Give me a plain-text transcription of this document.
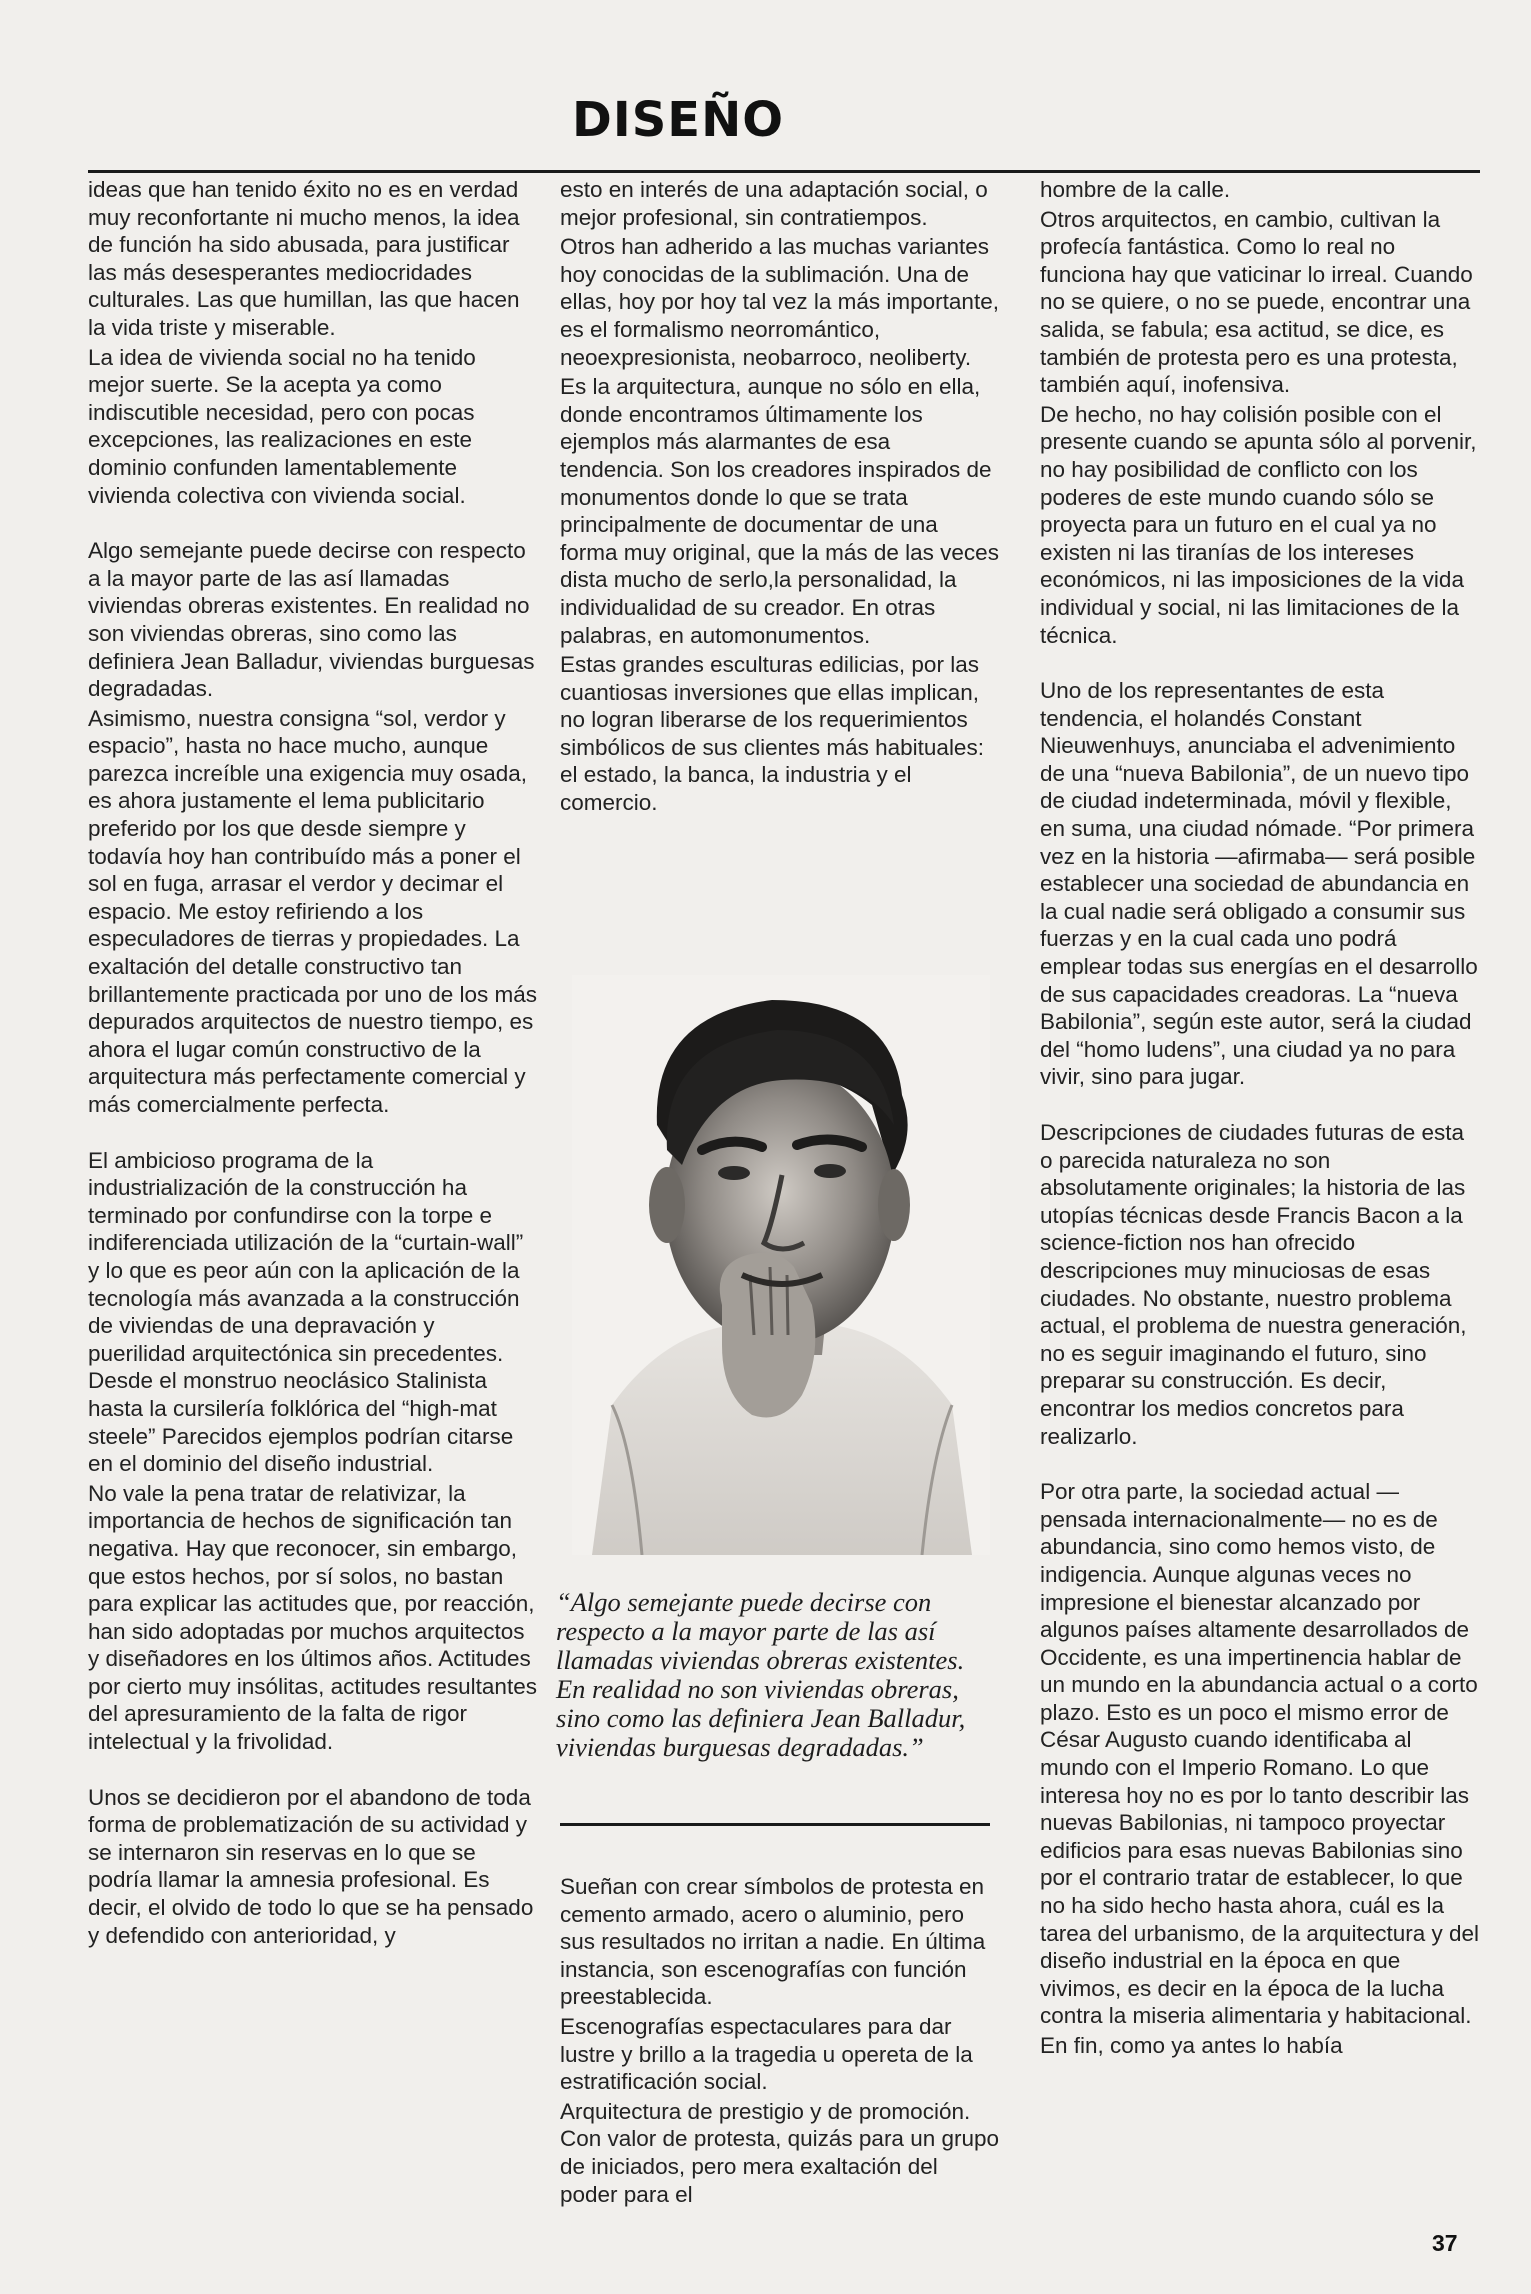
DISEÑO

ideas que han tenido éxito no es en verdad muy reconfortante ni mucho menos, la idea de función ha sido abusada, para justificar las más desesperantes mediocridades culturales. Las que humillan, las que hacen la vida triste y miserable.

La idea de vivienda social no ha tenido mejor suerte. Se la acepta ya como indiscutible necesidad, pero con pocas excepciones, las realizaciones en este dominio confunden lamentablemente vivienda colectiva con vivienda social.

Algo semejante puede decirse con respecto a la mayor parte de las así llamadas viviendas obreras existentes. En realidad no son viviendas obreras, sino como las definiera Jean Balladur, viviendas burguesas degradadas.

Asimismo, nuestra consigna “sol, verdor y espacio”, hasta no hace mucho, aunque parezca increíble una exigencia muy osada, es ahora justamente el lema publicitario preferido por los que desde siempre y todavía hoy han contribuído más a poner el sol en fuga, arrasar el verdor y decimar el espacio. Me estoy refiriendo a los especuladores de tierras y propiedades. La exaltación del detalle constructivo tan brillantemente practicada por uno de los más depurados arquitectos de nuestro tiempo, es ahora el lugar común constructivo de la arquitectura más perfectamente comercial y más comercialmente perfecta.

El ambicioso programa de la industrialización de la construcción ha terminado por confundirse con la torpe e indiferenciada utilización de la “curtain-wall” y lo que es peor aún con la aplicación de la tecnología más avanzada a la construcción de viviendas de una depravación y puerilidad arquitectónica sin precedentes. Desde el monstruo neoclásico Stalinista hasta la cursilería folklórica del “high-mat steele” Parecidos ejemplos podrían citarse en el dominio del diseño industrial.

No vale la pena tratar de relativizar, la importancia de hechos de significación tan negativa. Hay que reconocer, sin embargo, que estos hechos, por sí solos, no bastan para explicar las actitudes que, por reacción, han sido adoptadas por muchos arquitectos y diseñadores en los últimos años. Actitudes por cierto muy insólitas, actitudes resultantes del apresuramiento de la falta de rigor intelectual y la frivolidad.

Unos se decidieron por el abandono de toda forma de problematización de su actividad y se internaron sin reservas en lo que se podría llamar la amnesia profesional. Es decir, el olvido de todo lo que se ha pensado y defendido con anterioridad, y

esto en interés de una adaptación social, o mejor profesional, sin contratiempos.

Otros han adherido a las muchas variantes hoy conocidas de la sublimación. Una de ellas, hoy por hoy tal vez la más importante, es el formalismo neorromántico, neoexpresionista, neobarroco, neoliberty.

Es la arquitectura, aunque no sólo en ella, donde encontramos últimamente los ejemplos más alarmantes de esa tendencia. Son los creadores inspirados de monumentos donde lo que se trata principalmente de documentar de una forma muy original, que la más de las veces dista mucho de serlo,la personalidad, la individualidad de su creador. En otras palabras, en automonumentos.

Estas grandes esculturas edilicias, por las cuantiosas inversiones que ellas implican, no logran liberarse de los requerimientos simbólicos de sus clientes más habituales: el estado, la banca, la industria y el comercio.

“Algo semejante puede decirse con respecto a la mayor parte de las así llamadas viviendas obreras existentes. En realidad no son viviendas obreras, sino como las definiera Jean Balladur, viviendas burguesas degradadas.”

Sueñan con crear símbolos de protesta en cemento armado, acero o aluminio, pero sus resultados no irritan a nadie. En última instancia, son escenografías con función preestablecida.

Escenografías espectaculares para dar lustre y brillo a la tragedia u opereta de la estratificación social.

Arquitectura de prestigio y de promoción. Con valor de protesta, quizás para un grupo de iniciados, pero mera exaltación del poder para el

hombre de la calle.

Otros arquitectos, en cambio, cultivan la profecía fantástica. Como lo real no funciona hay que vaticinar lo irreal. Cuando no se quiere, o no se puede, encontrar una salida, se fabula; esa actitud, se dice, es también de protesta pero es una protesta, también aquí, inofensiva.

De hecho, no hay colisión posible con el presente cuando se apunta sólo al porvenir, no hay posibilidad de conflicto con los poderes de este mundo cuando sólo se proyecta para un futuro en el cual ya no existen ni las tiranías de los intereses económicos, ni las imposiciones de la vida individual y social, ni las limitaciones de la técnica.

Uno de los representantes de esta tendencia, el holandés Constant Nieuwenhuys, anunciaba el advenimiento de una “nueva Babilonia”, de un nuevo tipo de ciudad indeterminada, móvil y flexible, en suma, una ciudad nómade. “Por primera vez en la historia —afirmaba— será posible establecer una sociedad de abundancia en la cual nadie será obligado a consumir sus fuerzas y en la cual cada uno podrá emplear todas sus energías en el desarrollo de sus capacidades creadoras. La “nueva Babilonia”, según este autor, será la ciudad del “homo ludens”, una ciudad ya no para vivir, sino para jugar.

Descripciones de ciudades futuras de esta o parecida naturaleza no son absolutamente originales; la historia de las utopías técnicas desde Francis Bacon a la science-fiction nos han ofrecido descripciones muy minuciosas de esas ciudades. No obstante, nuestro problema actual, el problema de nuestra generación, no es seguir imaginando el futuro, sino preparar su construcción. Es decir, encontrar los medios concretos para realizarlo.

Por otra parte, la sociedad actual —pensada internacionalmente— no es de abundancia, sino como hemos visto, de indigencia. Aunque algunas veces no impresione el bienestar alcanzado por algunos países altamente desarrollados de Occidente, es una impertinencia hablar de un mundo en la abundancia actual o a corto plazo. Esto es un poco el mismo error de César Augusto cuando identificaba al mundo con el Imperio Romano. Lo que interesa hoy no es por lo tanto describir las nuevas Babilonias, ni tampoco proyectar edificios para esas nuevas Babilonias sino por el contrario tratar de establecer, lo que no ha sido hecho hasta ahora, cuál es la tarea del urbanismo, de la arquitectura y del diseño industrial en la época en que vivimos, es decir en la época de la lucha contra la miseria alimentaria y habitacional.

En fin, como ya antes lo había

37
